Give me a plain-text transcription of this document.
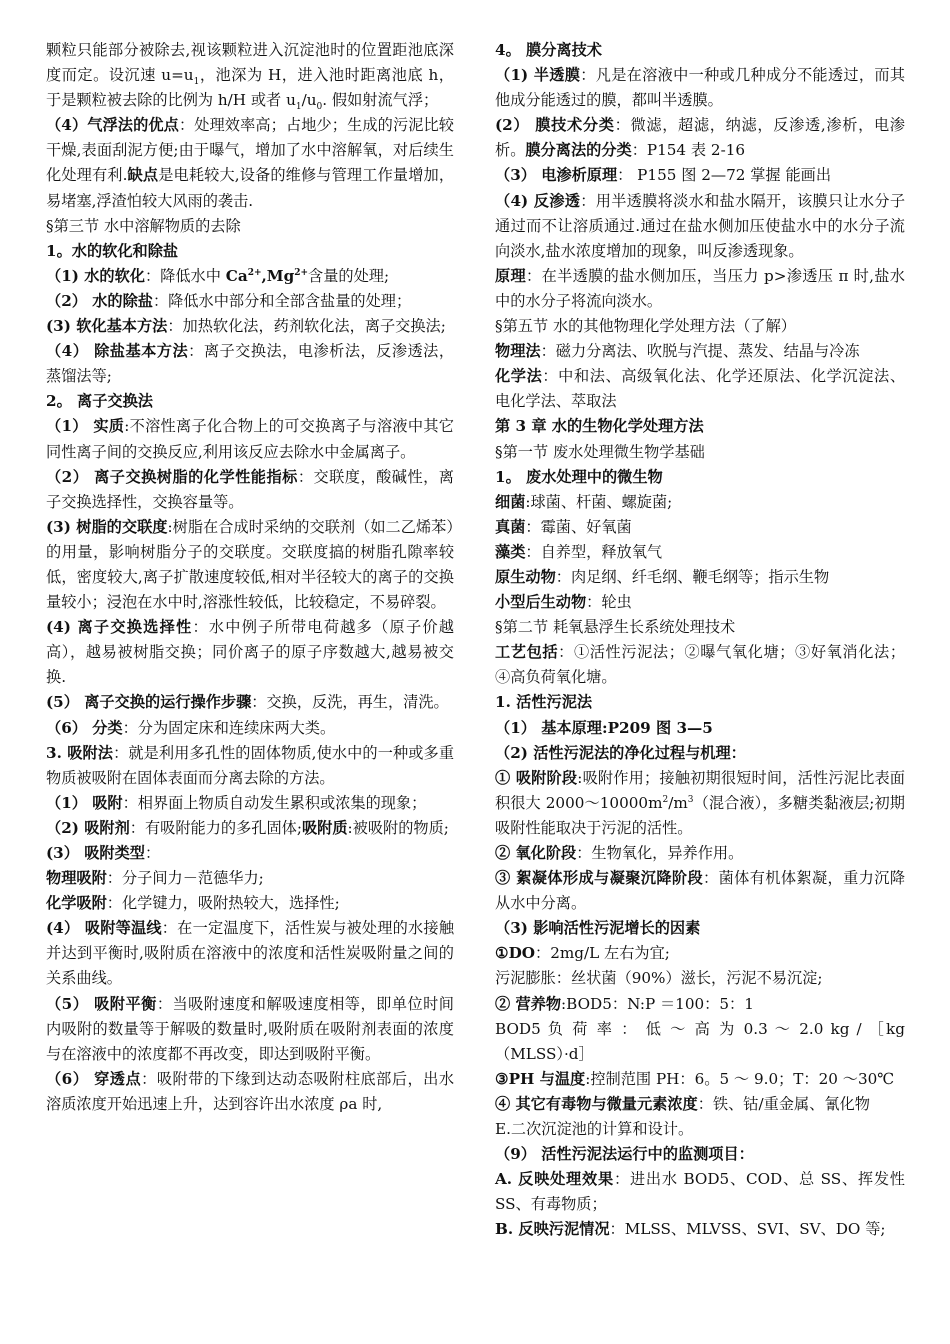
颗粒只能部分被除去,视该颗粒进入沉淀池时的位置距池底深度而定。设沉速 $u=u_1$，池深为 H，进入池时距离池底 h，于是颗粒被去除的比例为 h/H 或者 $u_1/u_0$. 假如射流气浮；

（4）气浮法的优点：处理效率高；占地少；生成的污泥比较干燥,表面刮泥方便;由于曝气，增加了水中溶解氧，对后续生化处理有利.缺点是电耗较大,设备的维修与管理工作量增加，易堵塞,浮渣怕较大风雨的袭击.

§第三节 水中溶解物质的去除

1。水的软化和除盐

（1) 水的软化：降低水中 $Ca^{2+},Mg^{2+}$含量的处理;

（2） 水的除盐：降低水中部分和全部含盐量的处理；

(3) 软化基本方法：加热软化法，药剂软化法，离子交换法;

（4） 除盐基本方法：离子交换法，电渗析法，反渗透法，蒸馏法等;

2。 离子交换法

（1） 实质:不溶性离子化合物上的可交换离子与溶液中其它同性离子间的交换反应,利用该反应去除水中金属离子。

（2） 离子交换树脂的化学性能指标：交联度，酸碱性，离子交换选择性，交换容量等。

(3) 树脂的交联度:树脂在合成时采纳的交联剂（如二乙烯苯）的用量，影响树脂分子的交联度。交联度搞的树脂孔隙率较低，密度较大,离子扩散速度较低,相对半径较大的离子的交换量较小；浸泡在水中时,溶涨性较低，比较稳定，不易碎裂。

(4) 离子交换选择性：水中例子所带电荷越多（原子价越高），越易被树脂交换；同价离子的原子序数越大,越易被交换.

(5） 离子交换的运行操作步骤：交换，反洗，再生，清洗。

（6） 分类：分为固定床和连续床两大类。

3. 吸附法：就是利用多孔性的固体物质,使水中的一种或多重物质被吸附在固体表面而分离去除的方法。

（1） 吸附：相界面上物质自动发生累积或浓集的现象；

（2) 吸附剂：有吸附能力的多孔固体;吸附质:被吸附的物质;

(3） 吸附类型：

物理吸附：分子间力－范德华力;

化学吸附：化学键力，吸附热较大，选择性;

(4） 吸附等温线：在一定温度下，活性炭与被处理的水接触并达到平衡时,吸附质在溶液中的浓度和活性炭吸附量之间的关系曲线。

（5） 吸附平衡：当吸附速度和解吸速度相等，即单位时间内吸附的数量等于解吸的数量时,吸附质在吸附剂表面的浓度与在溶液中的浓度都不再改变，即达到吸附平衡。

（6） 穿透点：吸附带的下缘到达动态吸附柱底部后，出水溶质浓度开始迅速上升，达到容许出水浓度 ρa 时,

4。 膜分离技术

（1) 半透膜：凡是在溶液中一种或几种成分不能透过，而其他成分能透过的膜，都叫半透膜。

(2） 膜技术分类：微滤，超滤，纳滤，反渗透,渗析，电渗析。膜分离法的分类：P154 表 2-16

（3） 电渗析原理： P155 图 2—72 掌握 能画出

（4) 反渗透：用半透膜将淡水和盐水隔开，该膜只让水分子通过而不让溶质通过.通过在盐水侧加压使盐水中的水分子流向淡水,盐水浓度增加的现象，叫反渗透现象。

原理：在半透膜的盐水侧加压，当压力 p>渗透压 π 时,盐水中的水分子将流向淡水。

§第五节 水的其他物理化学处理方法（了解）

物理法：磁力分离法、吹脱与汽提、蒸发、结晶与冷冻

化学法：中和法、高级氧化法、化学还原法、化学沉淀法、电化学法、萃取法

第 3 章 水的生物化学处理方法

§第一节 废水处理微生物学基础

1。 废水处理中的微生物

细菌:球菌、杆菌、螺旋菌;

真菌：霉菌、好氧菌

藻类：自养型，释放氧气

原生动物：肉足纲、纤毛纲、鞭毛纲等；指示生物

小型后生动物：轮虫

§第二节 耗氧悬浮生长系统处理技术

工艺包括：①活性污泥法；②曝气氧化塘；③好氧消化法；④高负荷氧化塘。

1. 活性污泥法

（1） 基本原理:P209 图 3—5

（2) 活性污泥法的净化过程与机理：

① 吸附阶段:吸附作用；接触初期很短时间，活性污泥比表面积很大 $2000\sim 10000m^2/m^3$（混合液），多糖类黏液层;初期吸附性能取决于污泥的活性。

② 氧化阶段：生物氧化，异养作用。

③ 絮凝体形成与凝聚沉降阶段：菌体有机体絮凝，重力沉降从水中分离。

（3) 影响活性污泥增长的因素

①DO：2mg/L 左右为宜;

污泥膨胀：丝状菌（90%）滋长，污泥不易沉淀;

② 营养物:BOD5：N:P ＝100：5：1

BOD5 负 荷 率 ： 低 ～ 高 为 0.3 ～ 2.0 kg / ［kg（MLSS）·d］

③PH 与温度:控制范围 PH：6。5 ～ 9.0；T：20 ～30℃

④ 其它有毒物与微量元素浓度：铁、钴/重金属、氰化物

E.二次沉淀池的计算和设计。

（9） 活性污泥法运行中的监测项目：

A. 反映处理效果：进出水 BOD5、COD、总 SS、挥发性 SS、有毒物质；

B. 反映污泥情况：MLSS、MLVSS、SVI、SV、DO 等;
